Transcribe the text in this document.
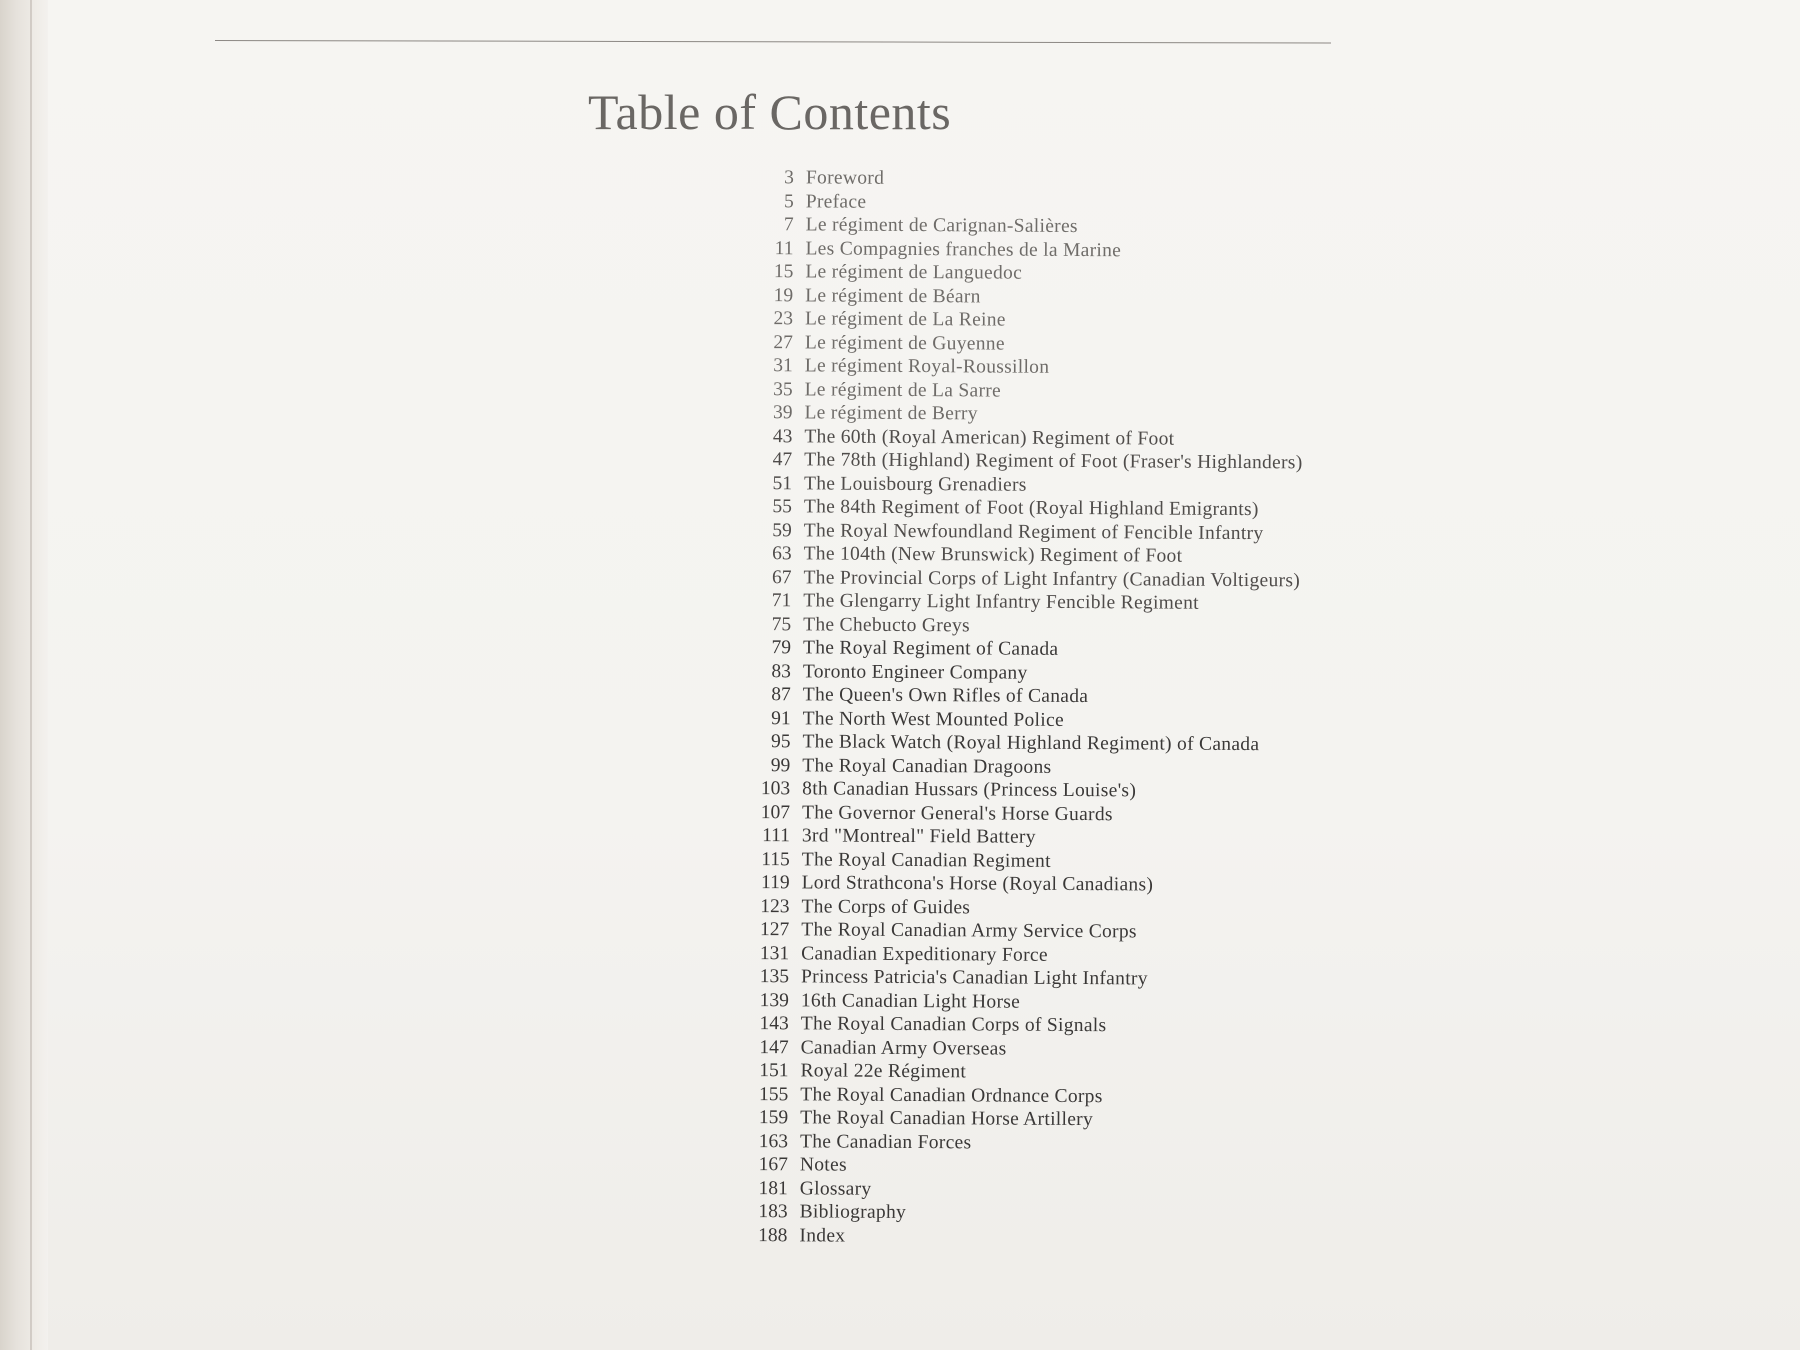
Table of Contents
3 Foreword
5 Preface
7 Le régiment de Carignan-Salières
11 Les Compagnies franches de la Marine
15 Le régiment de Languedoc
19 Le régiment de Béarn
23 Le régiment de La Reine
27 Le régiment de Guyenne
31 Le régiment Royal-Roussillon
35 Le régiment de La Sarre
39 Le régiment de Berry
43 The 60th (Royal American) Regiment of Foot
47 The 78th (Highland) Regiment of Foot (Fraser's Highlanders)
51 The Louisbourg Grenadiers
55 The 84th Regiment of Foot (Royal Highland Emigrants)
59 The Royal Newfoundland Regiment of Fencible Infantry
63 The 104th (New Brunswick) Regiment of Foot
67 The Provincial Corps of Light Infantry (Canadian Voltigeurs)
71 The Glengarry Light Infantry Fencible Regiment
75 The Chebucto Greys
79 The Royal Regiment of Canada
83 Toronto Engineer Company
87 The Queen's Own Rifles of Canada
91 The North West Mounted Police
95 The Black Watch (Royal Highland Regiment) of Canada
99 The Royal Canadian Dragoons
103 8th Canadian Hussars (Princess Louise's)
107 The Governor General's Horse Guards
111 3rd "Montreal" Field Battery
115 The Royal Canadian Regiment
119 Lord Strathcona's Horse (Royal Canadians)
123 The Corps of Guides
127 The Royal Canadian Army Service Corps
131 Canadian Expeditionary Force
135 Princess Patricia's Canadian Light Infantry
139 16th Canadian Light Horse
143 The Royal Canadian Corps of Signals
147 Canadian Army Overseas
151 Royal 22e Régiment
155 The Royal Canadian Ordnance Corps
159 The Royal Canadian Horse Artillery
163 The Canadian Forces
167 Notes
181 Glossary
183 Bibliography
188 Index
